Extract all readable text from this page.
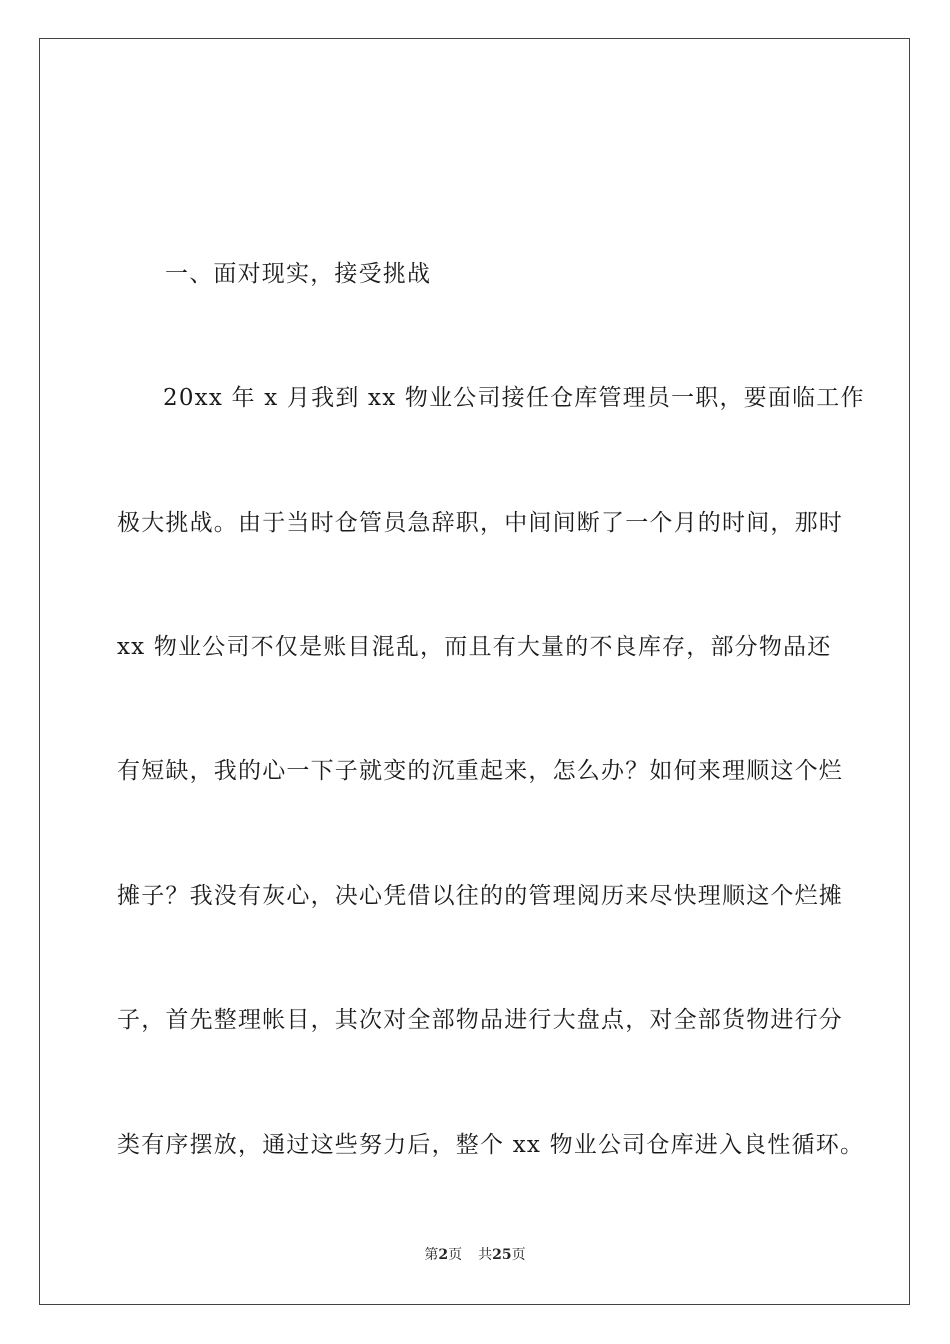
一、面对现实，接受挑战
20xx 年 x 月我到 xx 物业公司接任仓库管理员一职，要面临工作
极大挑战。由于当时仓管员急辞职，中间间断了一个月的时间，那时
xx 物业公司不仅是账目混乱，而且有大量的不良库存，部分物品还
有短缺，我的心一下子就变的沉重起来，怎么办？如何来理顺这个烂
摊子？我没有灰心，决心凭借以往的的管理阅历来尽快理顺这个烂摊
子，首先整理帐目，其次对全部物品进行大盘点，对全部货物进行分
类有序摆放，通过这些努力后，整个 xx 物业公司仓库进入良性循环。
第2页 共25页
